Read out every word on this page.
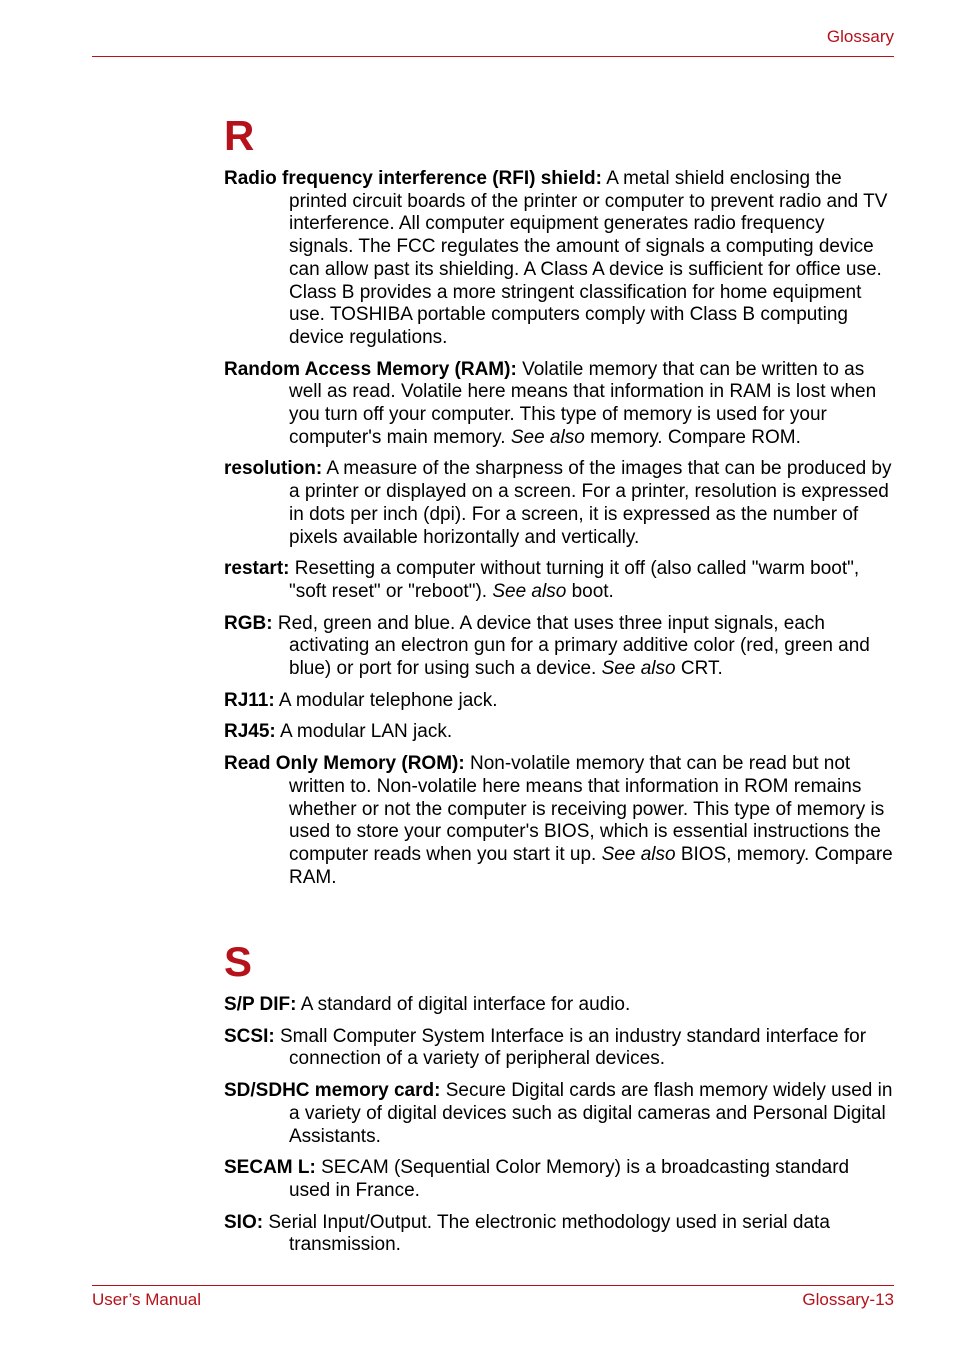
Glossary
R

Radio frequency interference (RFI) shield: A metal shield enclosing the printed circuit boards of the printer or computer to prevent radio and TV interference. All computer equipment generates radio frequency signals. The FCC regulates the amount of signals a computing device can allow past its shielding. A Class A device is sufficient for office use. Class B provides a more stringent classification for home equipment use. TOSHIBA portable computers comply with Class B computing device regulations.

Random Access Memory (RAM): Volatile memory that can be written to as well as read. Volatile here means that information in RAM is lost when you turn off your computer. This type of memory is used for your computer's main memory. See also memory. Compare ROM.

resolution: A measure of the sharpness of the images that can be produced by a printer or displayed on a screen. For a printer, resolution is expressed in dots per inch (dpi). For a screen, it is expressed as the number of pixels available horizontally and vertically.

restart: Resetting a computer without turning it off (also called "warm boot", "soft reset" or "reboot"). See also boot.

RGB: Red, green and blue. A device that uses three input signals, each activating an electron gun for a primary additive color (red, green and blue) or port for using such a device. See also CRT.

RJ11: A modular telephone jack.

RJ45: A modular LAN jack.

Read Only Memory (ROM): Non-volatile memory that can be read but not written to. Non-volatile here means that information in ROM remains whether or not the computer is receiving power. This type of memory is used to store your computer's BIOS, which is essential instructions the computer reads when you start it up. See also BIOS, memory. Compare RAM.

S

S/P DIF: A standard of digital interface for audio.

SCSI: Small Computer System Interface is an industry standard interface for connection of a variety of peripheral devices.

SD/SDHC memory card: Secure Digital cards are flash memory widely used in a variety of digital devices such as digital cameras and Personal Digital Assistants.

SECAM L: SECAM (Sequential Color Memory) is a broadcasting standard used in France.

SIO: Serial Input/Output. The electronic methodology used in serial data transmission.

User’s Manual	Glossary-13
